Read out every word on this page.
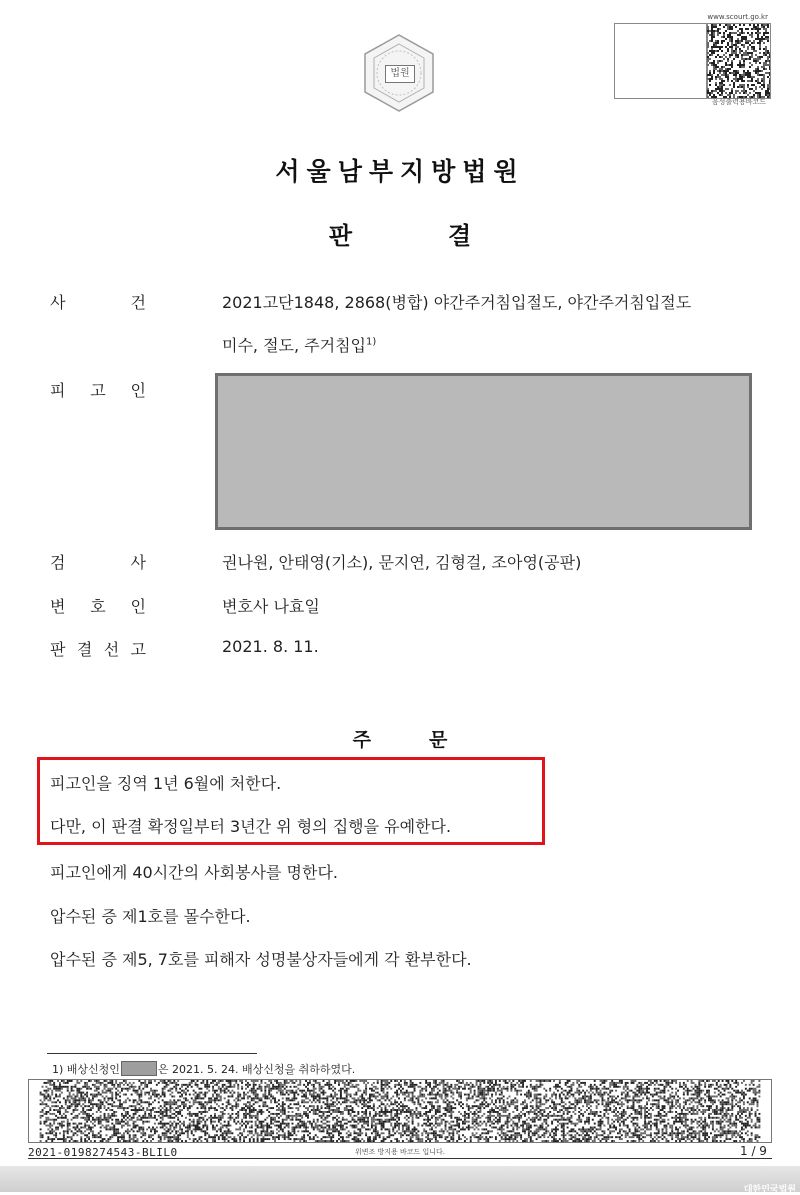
법원
www.scourt.go.kr
음성출력용바코드
서울남부지방법원
판	결
사	건	2021고단1848, 2868(병합) 야간주거침입절도, 야간주거침입절도
미수, 절도, 주거침입$^{1)}$
피 고 인
검	사	권나원, 안태영(기소), 문지연, 김형걸, 조아영(공판)
변 호 인	변호사 나효일
판 결 선 고	2021. 8. 11.
주	문
피고인을 징역 1년 6월에 처한다.
다만, 이 판결 확정일부터 3년간 위 형의 집행을 유예한다.
피고인에게 40시간의 사회봉사를 명한다.
압수된 증 제1호를 몰수한다.
압수된 증 제5, 7호를 피해자 성명불상자들에게 각 환부한다.
1) 배상신청인	은 2021. 5. 24. 배상신청을 취하하였다.
2021-0198274543-BLIL0	위변조 방지용 바코드 입니다.	1 / 9
대한민국법원
